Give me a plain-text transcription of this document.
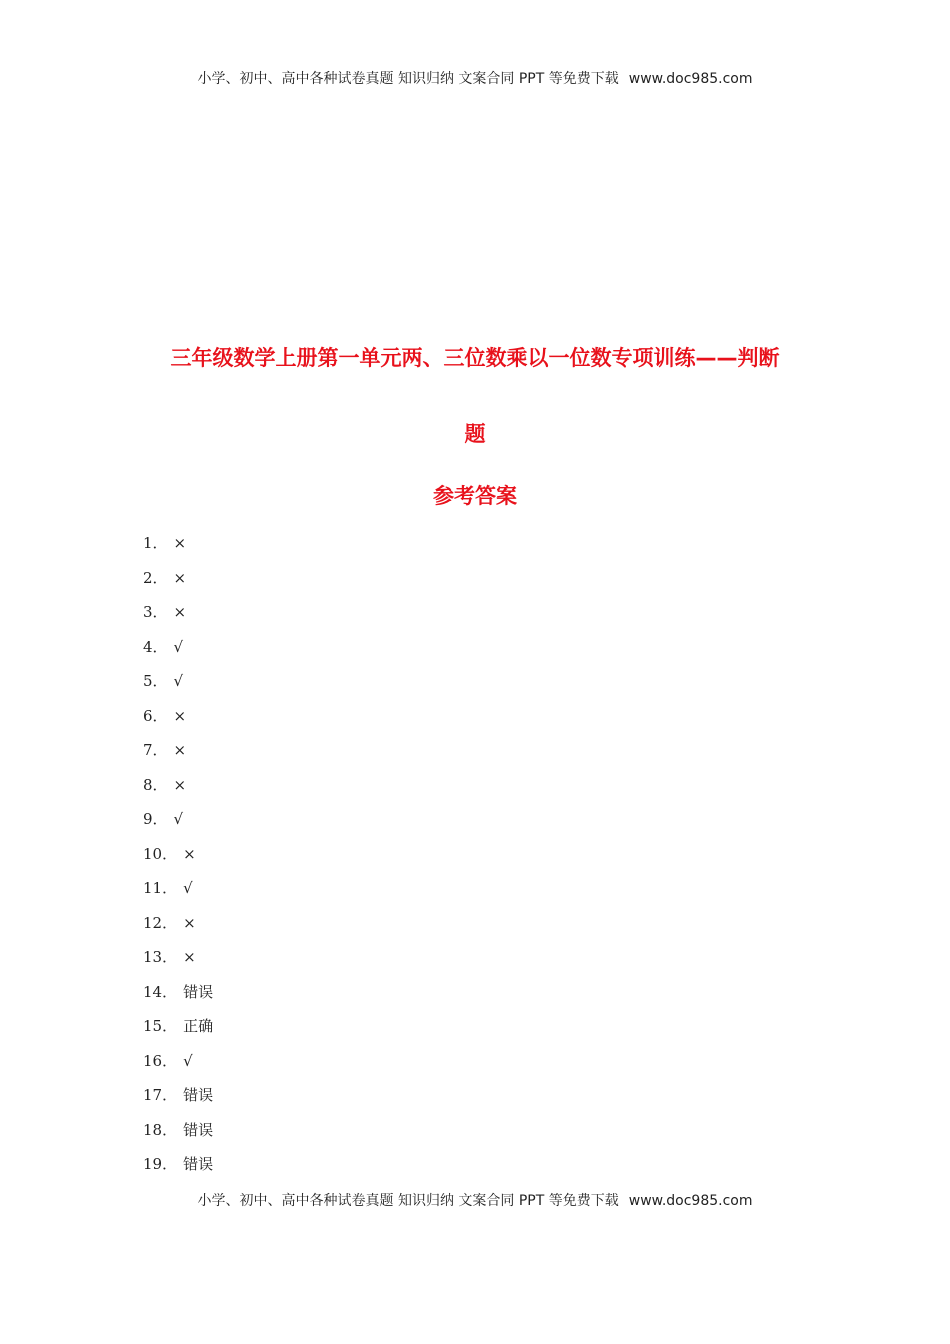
小学、初中、高中各种试卷真题 知识归纳 文案合同 PPT 等免费下载 www.doc985.com
三年级数学上册第一单元两、三位数乘以一位数专项训练——判断
题
参考答案
1． ×
2． ×
3． ×
4． √
5． √
6． ×
7． ×
8． ×
9． √
10． ×
11． √
12． ×
13． ×
14． 错误
15． 正确
16． √
17． 错误
18． 错误
19． 错误
小学、初中、高中各种试卷真题 知识归纳 文案合同 PPT 等免费下载 www.doc985.com
